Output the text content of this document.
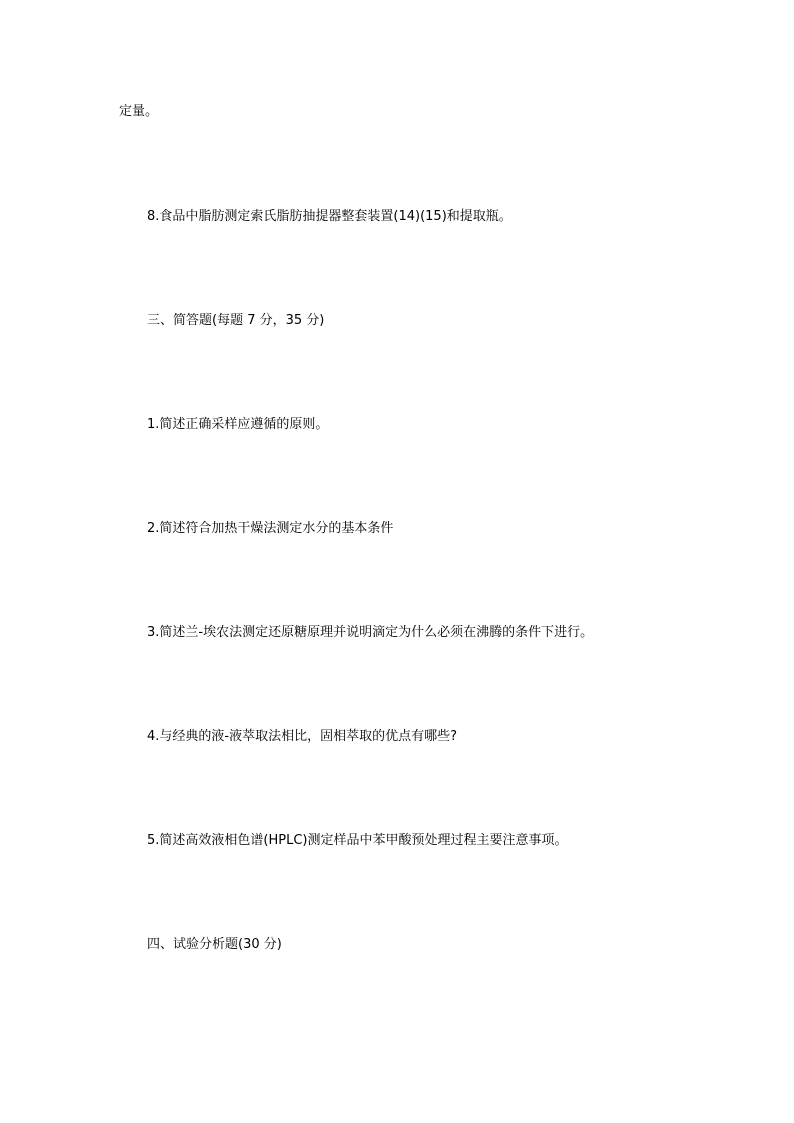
定量。
8.食品中脂肪测定索氏脂肪抽提器整套装置(14)(15)和提取瓶。
三、简答题(每题 7 分，35 分)
1.简述正确采样应遵循的原则。
2.简述符合加热干燥法测定水分的基本条件
3.简述兰-埃农法测定还原糖原理并说明滴定为什么必须在沸腾的条件下进行。
4.与经典的液-液萃取法相比，固相萃取的优点有哪些?
5.简述高效液相色谱(HPLC)测定样品中苯甲酸预处理过程主要注意事项。
四、试验分析题(30 分)
